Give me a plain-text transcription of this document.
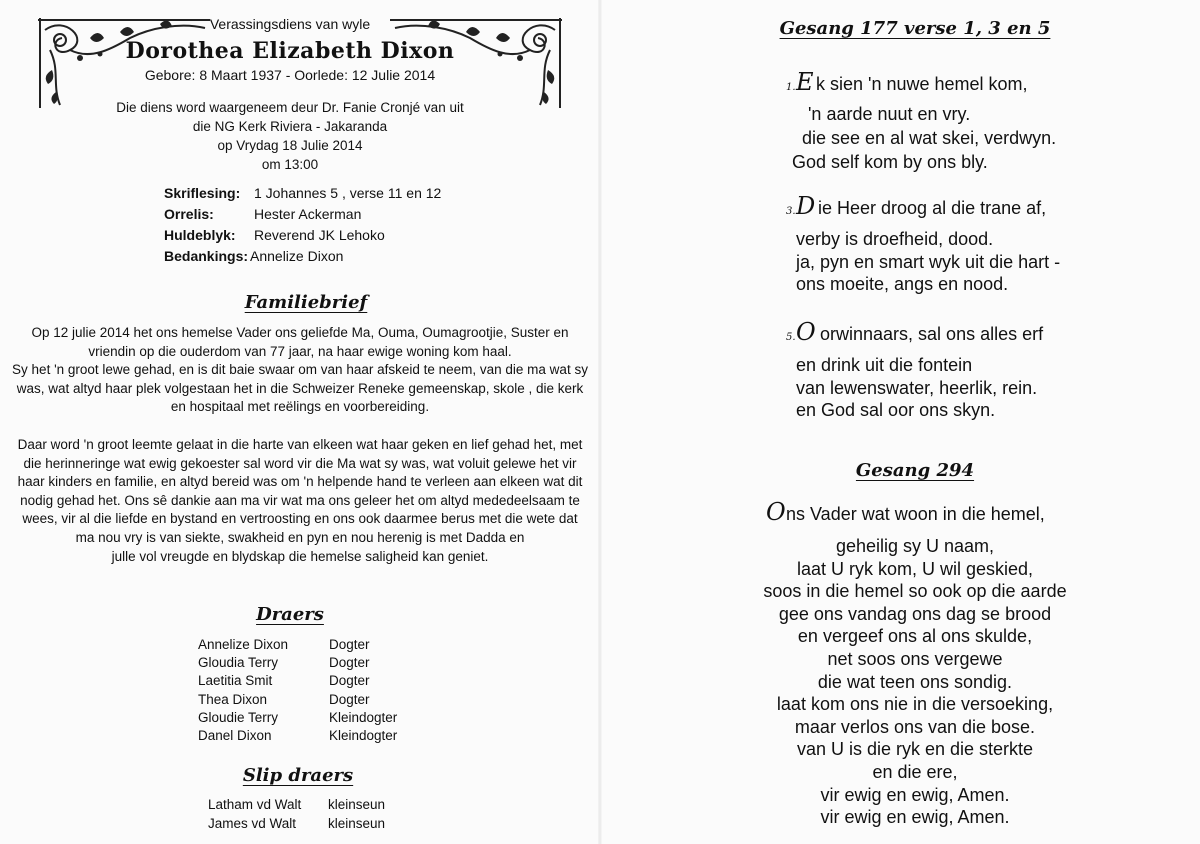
Verassingsdiens van wyle
Dorothea Elizabeth Dixon
Gebore: 8 Maart 1937 - Oorlede: 12 Julie 2014
Die diens word waargeneem deur Dr. Fanie Cronjé van uit
die NG Kerk Riviera - Jakaranda
op Vrydag 18 Julie 2014
om 13:00
Skriflesing: 1 Johannes 5 , verse 11 en 12
Orrelis:	Hester Ackerman
Huldeblyk: Reverend JK Lehoko
Bedankings: Annelize Dixon
Familiebrief
Op 12 julie 2014 het ons hemelse Vader ons geliefde Ma, Ouma, Oumagrootjie, Suster en
vriendin op die ouderdom van 77 jaar, na haar ewige woning kom haal.
Sy het 'n groot lewe gehad, en is dit baie swaar om van haar afskeid te neem, van die ma wat sy
was, wat altyd haar plek volgestaan het in die Schweizer Reneke gemeenskap, skole , die kerk
en hospitaal met reëlings en voorbereiding.
Daar word 'n groot leemte gelaat in die harte van elkeen wat haar geken en lief gehad het, met
die herinneringe wat ewig gekoester sal word vir die Ma wat sy was, wat voluit gelewe het vir
haar kinders en familie, en altyd bereid was om 'n helpende hand te verleen aan elkeen wat dit
nodig gehad het. Ons sê dankie aan ma vir wat ma ons geleer het om altyd mededeelsaam te
wees, vir al die liefde en bystand en vertroosting en ons ook daarmee berus met die wete dat
ma nou vry is van siekte, swakheid en pyn en nou herenig is met Dadda en
julle vol vreugde en blydskap die hemelse saligheid kan geniet.
Draers
Annelize Dixon	Dogter
Gloudia Terry	Dogter
Laetitia Smit	Dogter
Thea Dixon	Dogter
Gloudie Terry	Kleindogter
Danel Dixon	Kleindogter
Slip draers
Latham vd Walt kleinseun
James vd Walt kleinseun
Gesang 177 verse 1, 3 en 5
1. E k sien 'n nuwe hemel kom,
'n aarde nuut en vry.
die see en al wat skei, verdwyn.
God self kom by ons bly.
3. D ie Heer droog al die trane af,
verby is droefheid, dood.
ja, pyn en smart wyk uit die hart -
ons moeite, angs en nood.
5. O orwinnaars, sal ons alles erf
en drink uit die fontein
van lewenswater, heerlik, rein.
en God sal oor ons skyn.
Gesang 294
O ns Vader wat woon in die hemel,
geheilig sy U naam,
laat U ryk kom, U wil geskied,
soos in die hemel so ook op die aarde
gee ons vandag ons dag se brood
en vergeef ons al ons skulde,
net soos ons vergewe
die wat teen ons sondig.
laat kom ons nie in die versoeking,
maar verlos ons van die bose.
van U is die ryk en die sterkte
en die ere,
vir ewig en ewig, Amen.
vir ewig en ewig, Amen.
